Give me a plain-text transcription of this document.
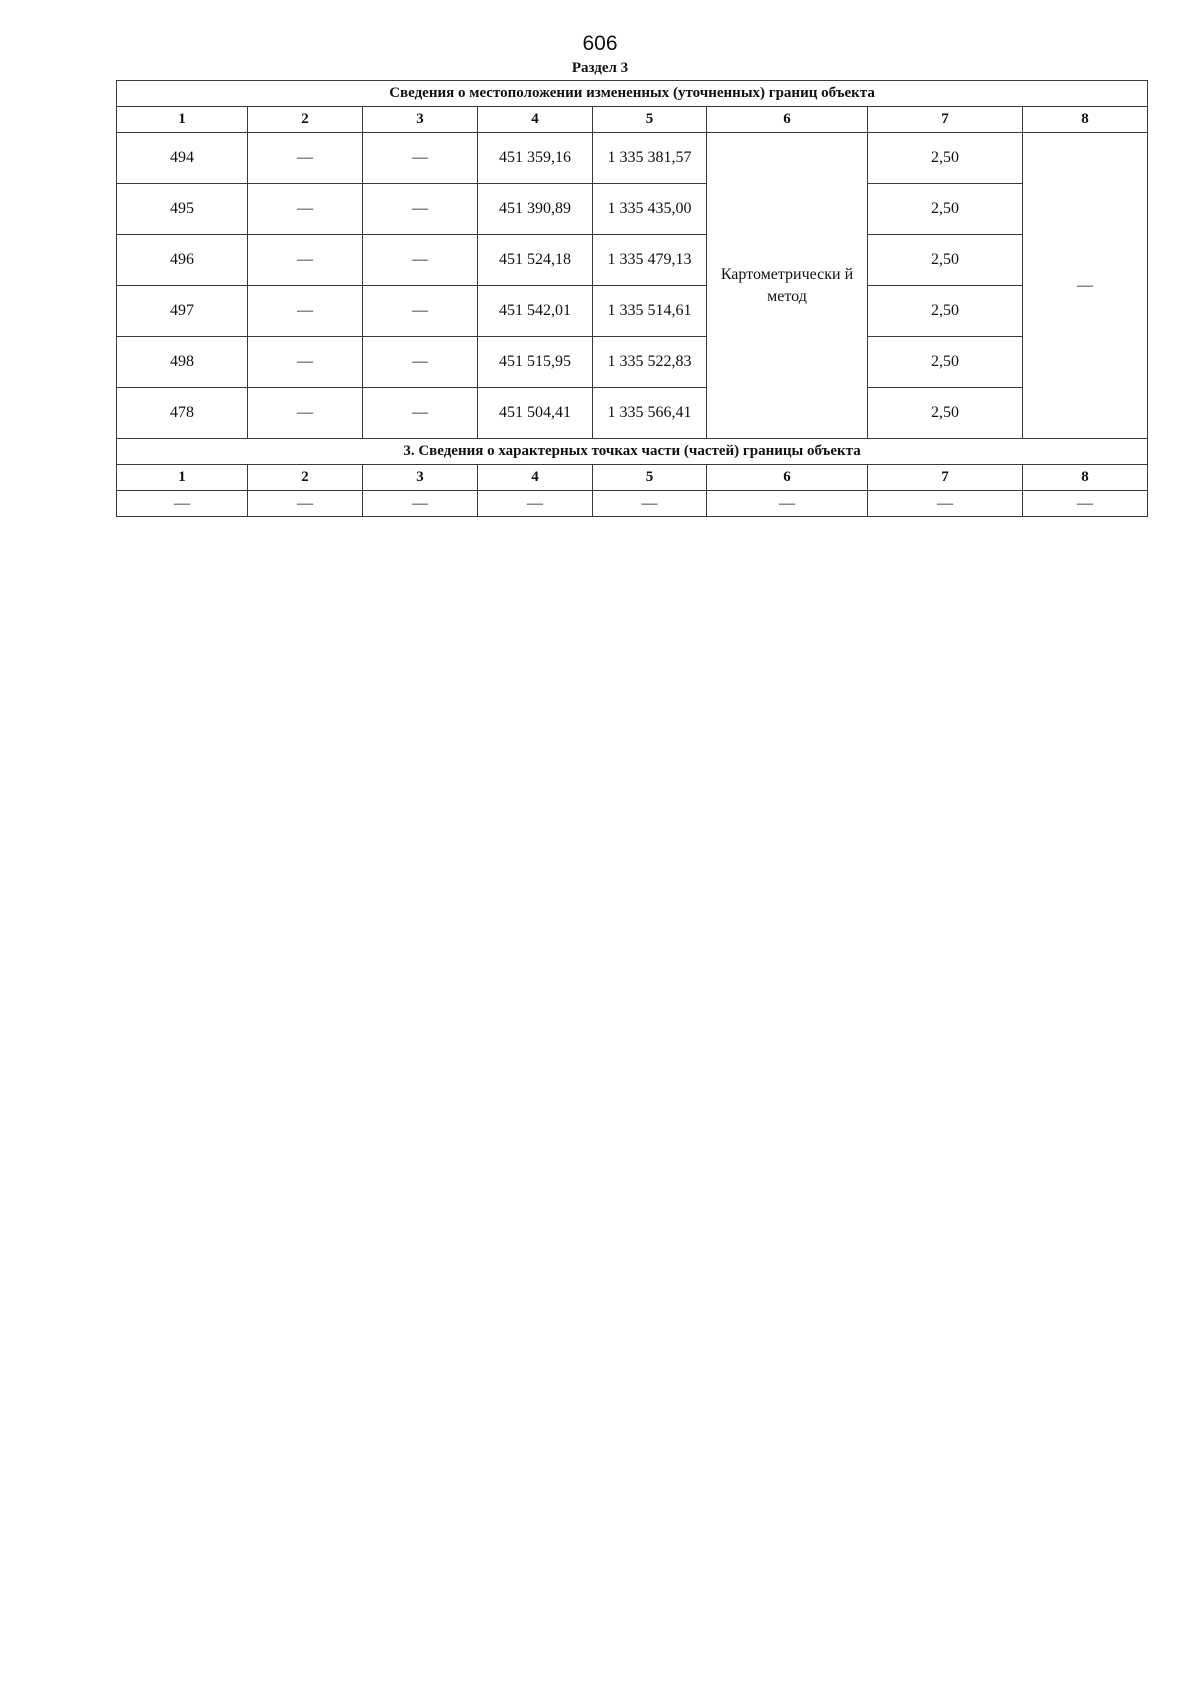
606
Раздел 3
Сведения о местоположении измененных (уточненных) границ объекта							
1	2	3	4	5	6	7	8
494	—	—	451 359,16	1 335 381,57	Картометрически й метод	2,50	—
495	—	—	451 390,89	1 335 435,00		2,50	
496	—	—	451 524,18	1 335 479,13		2,50	
497	—	—	451 542,01	1 335 514,61		2,50	
498	—	—	451 515,95	1 335 522,83		2,50	
478	—	—	451 504,41	1 335 566,41		2,50	
3. Сведения о характерных точках части (частей) границы объекта							
1	2	3	4	5	6	7	8
—	—	—	—	—	—	—	—
